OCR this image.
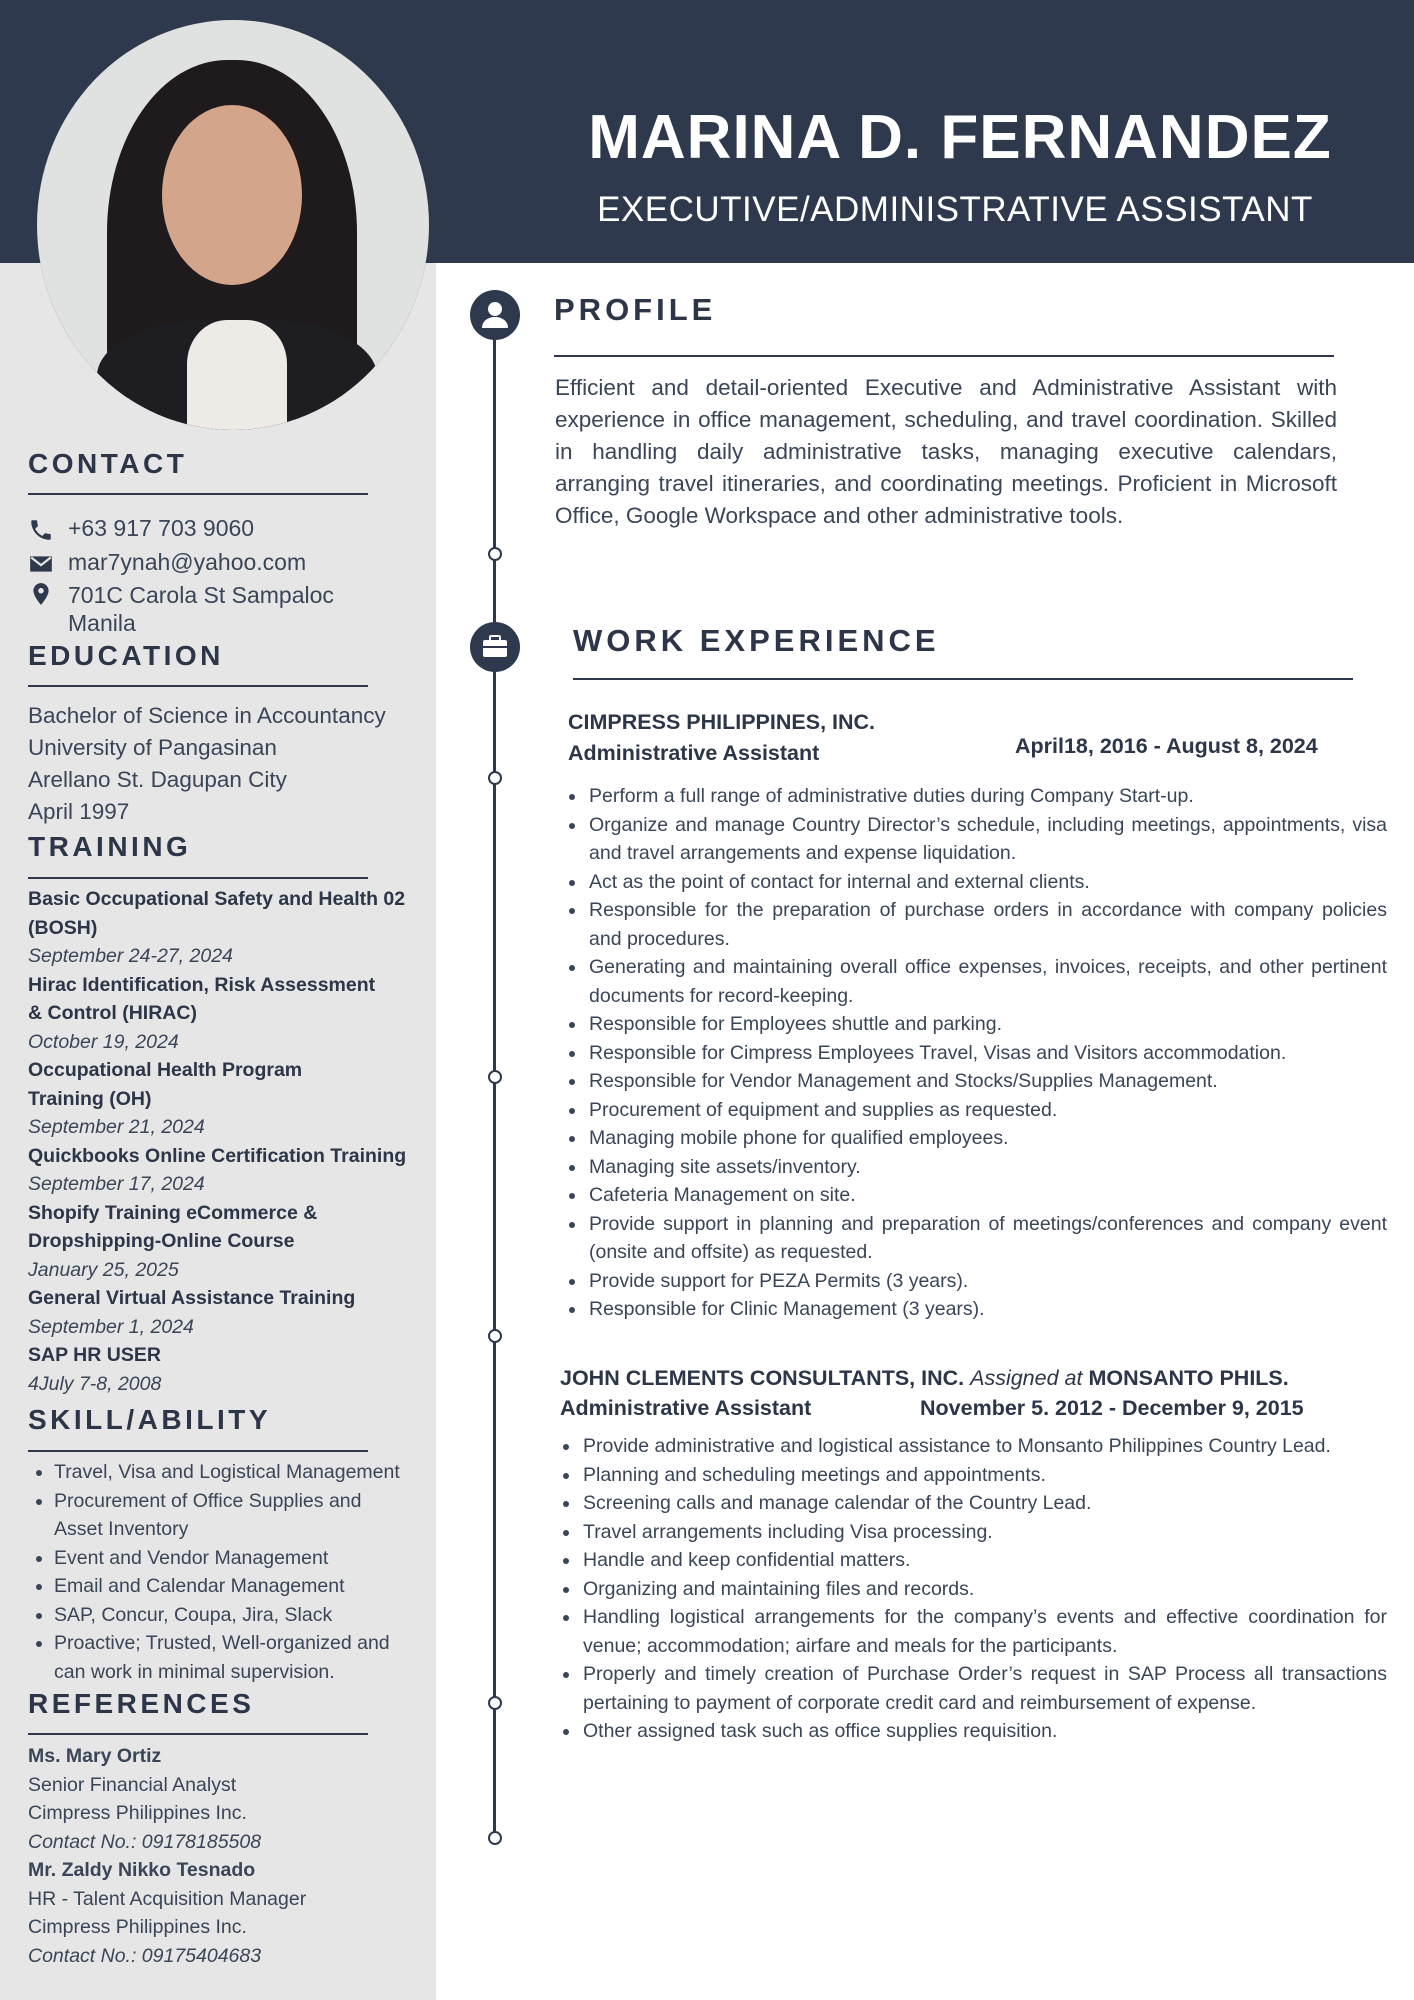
MARINA D. FERNANDEZ
EXECUTIVE/ADMINISTRATIVE ASSISTANT
CONTACT
+63 917 703 9060
mar7ynah@yahoo.com
701C Carola St Sampaloc
Manila
EDUCATION
Bachelor of Science in Accountancy
University of Pangasinan
Arellano St. Dagupan City
April 1997
TRAINING
Basic Occupational Safety and Health 02 (BOSH)
September 24-27, 2024
Hirac Identification, Risk Assessment & Control (HIRAC)
October 19, 2024
Occupational Health Program Training (OH)
September 21, 2024
Quickbooks Online Certification Training
September 17, 2024
Shopify Training eCommerce & Dropshipping-Online Course
January 25, 2025
General Virtual Assistance Training
September 1, 2024
SAP HR USER
4July 7-8, 2008
SKILL/ABILITY
• Travel, Visa and Logistical Management
• Procurement of Office Supplies and Asset Inventory
• Event and Vendor Management
• Email and Calendar Management
• SAP, Concur, Coupa, Jira, Slack
• Proactive; Trusted, Well-organized and can work in minimal supervision.
REFERENCES
Ms. Mary Ortiz
Senior Financial Analyst
Cimpress Philippines Inc.
Contact No.: 09178185508
Mr. Zaldy Nikko Tesnado
HR - Talent Acquisition Manager
Cimpress Philippines Inc.
Contact No.: 09175404683
PROFILE
Efficient and detail-oriented Executive and Administrative Assistant with experience in office management, scheduling, and travel coordination. Skilled in handling daily administrative tasks, managing executive calendars, arranging travel itineraries, and coordinating meetings. Proficient in Microsoft Office, Google Workspace and other administrative tools.
WORK EXPERIENCE
CIMPRESS PHILIPPINES, INC.
Administrative Assistant	April18, 2016 - August 8, 2024
• Perform a full range of administrative duties during Company Start-up.
• Organize and manage Country Director’s schedule, including meetings, appointments, visa and travel arrangements and expense liquidation.
• Act as the point of contact for internal and external clients.
• Responsible for the preparation of purchase orders in accordance with company policies and procedures.
• Generating and maintaining overall office expenses, invoices, receipts, and other pertinent documents for record-keeping.
• Responsible for Employees shuttle and parking.
• Responsible for Cimpress Employees Travel, Visas and Visitors accommodation.
• Responsible for Vendor Management and Stocks/Supplies Management.
• Procurement of equipment and supplies as requested.
• Managing mobile phone for qualified employees.
• Managing site assets/inventory.
• Cafeteria Management on site.
• Provide support in planning and preparation of meetings/conferences and company event (onsite and offsite) as requested.
• Provide support for PEZA Permits (3 years).
• Responsible for Clinic Management (3 years).
JOHN CLEMENTS CONSULTANTS, INC. Assigned at MONSANTO PHILS.
Administrative Assistant	November 5. 2012 - December 9, 2015
• Provide administrative and logistical assistance to Monsanto Philippines Country Lead.
• Planning and scheduling meetings and appointments.
• Screening calls and manage calendar of the Country Lead.
• Travel arrangements including Visa processing.
• Handle and keep confidential matters.
• Organizing and maintaining files and records.
• Handling logistical arrangements for the company’s events and effective coordination for venue; accommodation; airfare and meals for the participants.
• Properly and timely creation of Purchase Order’s request in SAP Process all transactions pertaining to payment of corporate credit card and reimbursement of expense.
• Other assigned task such as office supplies requisition.
